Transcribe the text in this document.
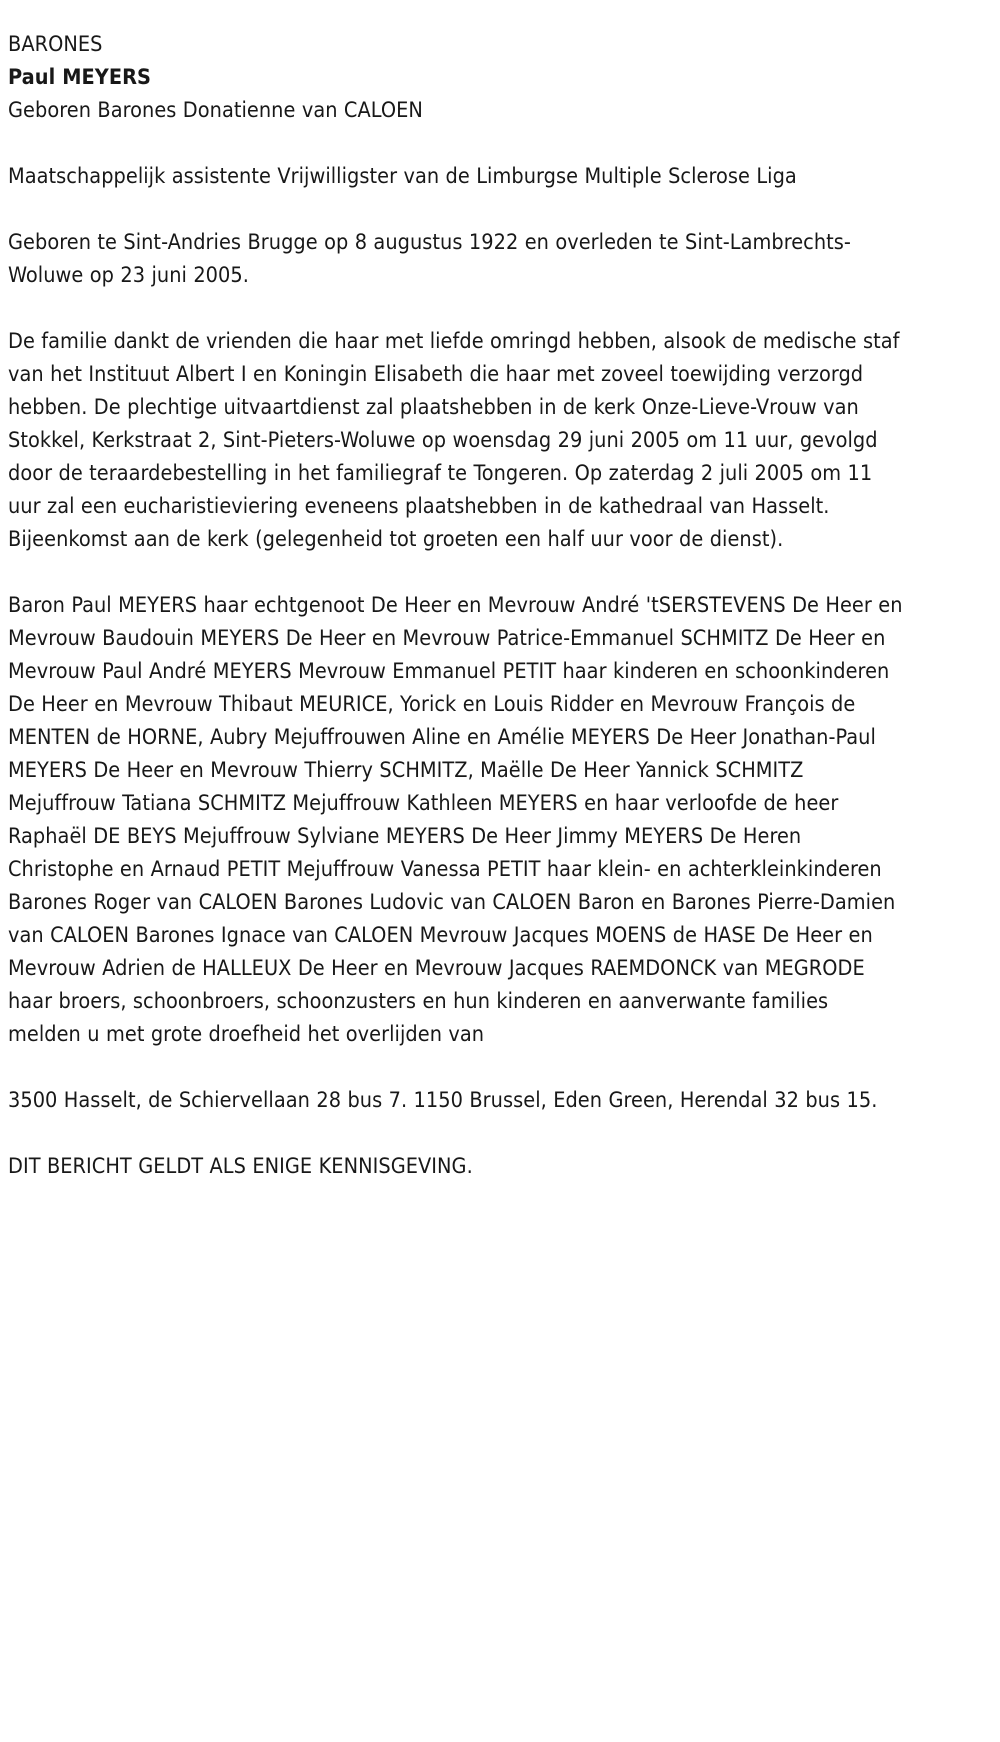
BARONES

Paul MEYERS

Geboren Barones Donatienne van CALOEN

Maatschappelijk assistente Vrijwilligster van de Limburgse Multiple Sclerose Liga

Geboren te Sint-Andries Brugge op 8 augustus 1922 en overleden te Sint-Lambrechts-Woluwe op 23 juni 2005.

De familie dankt de vrienden die haar met liefde omringd hebben, alsook de medische staf van het Instituut Albert I en Koningin Elisabeth die haar met zoveel toewijding verzorgd hebben. De plechtige uitvaartdienst zal plaatshebben in de kerk Onze-Lieve-Vrouw van Stokkel, Kerkstraat 2, Sint-Pieters-Woluwe op woensdag 29 juni 2005 om 11 uur, gevolgd door de teraardebestelling in het familiegraf te Tongeren. Op zaterdag 2 juli 2005 om 11 uur zal een eucharistieviering eveneens plaatshebben in de kathedraal van Hasselt. Bijeenkomst aan de kerk (gelegenheid tot groeten een half uur voor de dienst).

Baron Paul MEYERS haar echtgenoot De Heer en Mevrouw André 'tSERSTEVENS De Heer en Mevrouw Baudouin MEYERS De Heer en Mevrouw Patrice-Emmanuel SCHMITZ De Heer en Mevrouw Paul André MEYERS Mevrouw Emmanuel PETIT haar kinderen en schoonkinderen De Heer en Mevrouw Thibaut MEURICE, Yorick en Louis Ridder en Mevrouw François de MENTEN de HORNE, Aubry Mejuffrouwen Aline en Amélie MEYERS De Heer Jonathan-Paul MEYERS De Heer en Mevrouw Thierry SCHMITZ, Maëlle De Heer Yannick SCHMITZ Mejuffrouw Tatiana SCHMITZ Mejuffrouw Kathleen MEYERS en haar verloofde de heer Raphaël DE BEYS Mejuffrouw Sylviane MEYERS De Heer Jimmy MEYERS De Heren Christophe en Arnaud PETIT Mejuffrouw Vanessa PETIT haar klein- en achterkleinkinderen Barones Roger van CALOEN Barones Ludovic van CALOEN Baron en Barones Pierre-Damien van CALOEN Barones Ignace van CALOEN Mevrouw Jacques MOENS de HASE De Heer en Mevrouw Adrien de HALLEUX De Heer en Mevrouw Jacques RAEMDONCK van MEGRODE haar broers, schoonbroers, schoonzusters en hun kinderen en aanverwante families melden u met grote droefheid het overlijden van

3500 Hasselt, de Schiervellaan 28 bus 7. 1150 Brussel, Eden Green, Herendal 32 bus 15.

DIT BERICHT GELDT ALS ENIGE KENNISGEVING.
